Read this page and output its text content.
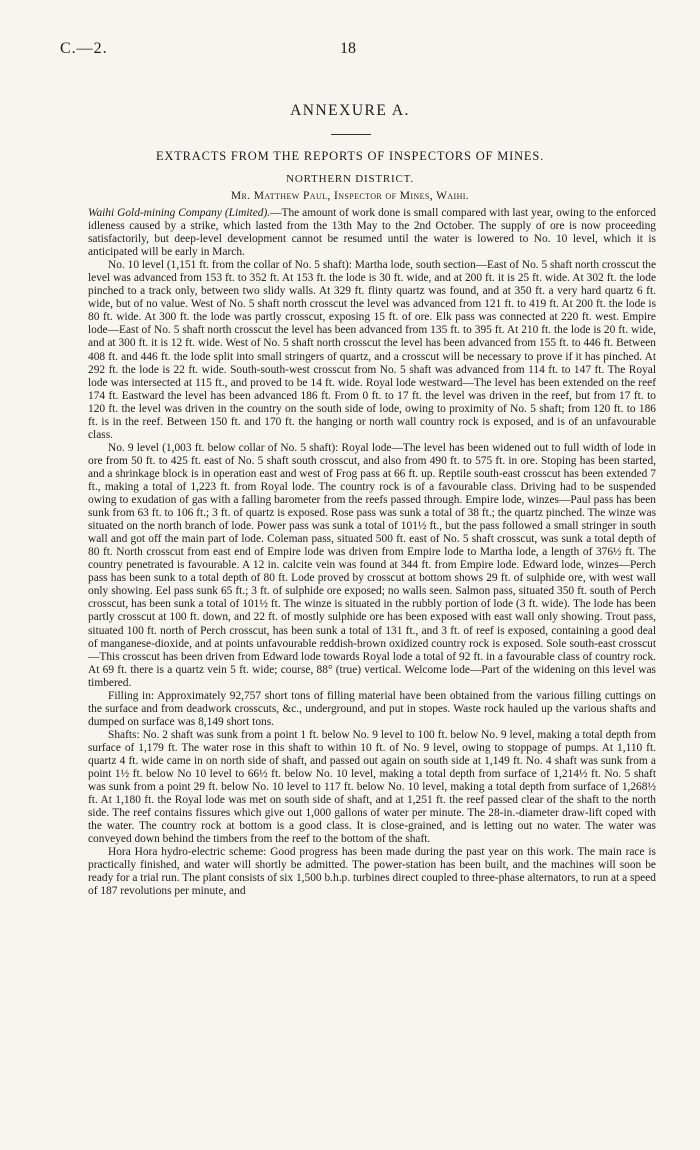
C.—2.	18
ANNEXURE A.
EXTRACTS FROM THE REPORTS OF INSPECTORS OF MINES.
NORTHERN DISTRICT.
Mr. Matthew Paul, Inspector of Mines, Waihi.

Waihi Gold-mining Company (Limited).—The amount of work done is small compared with last year, owing to the enforced idleness caused by a strike, which lasted from the 13th May to the 2nd October. The supply of ore is now proceeding satisfactorily, but deep-level development cannot be resumed until the water is lowered to No. 10 level, which it is anticipated will be early in March.

No. 10 level (1,151 ft. from the collar of No. 5 shaft): Martha lode, south section—East of No. 5 shaft north crosscut the level was advanced from 153 ft. to 352 ft. At 153 ft. the lode is 30 ft. wide, and at 200 ft. it is 25 ft. wide. At 302 ft. the lode pinched to a track only, between two slidy walls. At 329 ft. flinty quartz was found, and at 350 ft. a very hard quartz 6 ft. wide, but of no value. West of No. 5 shaft north crosscut the level was advanced from 121 ft. to 419 ft. At 200 ft. the lode is 80 ft. wide. At 300 ft. the lode was partly crosscut, exposing 15 ft. of ore. Elk pass was connected at 220 ft. west. Empire lode—East of No. 5 shaft north crosscut the level has been advanced from 135 ft. to 395 ft. At 210 ft. the lode is 20 ft. wide, and at 300 ft. it is 12 ft. wide. West of No. 5 shaft north crosscut the level has been advanced from 155 ft. to 446 ft. Between 408 ft. and 446 ft. the lode split into small stringers of quartz, and a crosscut will be necessary to prove if it has pinched. At 292 ft. the lode is 22 ft. wide. South-south-west crosscut from No. 5 shaft was advanced from 114 ft. to 147 ft. The Royal lode was intersected at 115 ft., and proved to be 14 ft. wide. Royal lode westward—The level has been extended on the reef 174 ft. Eastward the level has been advanced 186 ft. From 0 ft. to 17 ft. the level was driven in the reef, but from 17 ft. to 120 ft. the level was driven in the country on the south side of lode, owing to proximity of No. 5 shaft; from 120 ft. to 186 ft. is in the reef. Between 150 ft. and 170 ft. the hanging or north wall country rock is exposed, and is of an unfavourable class.

No. 9 level (1,003 ft. below collar of No. 5 shaft): Royal lode—The level has been widened out to full width of lode in ore from 50 ft. to 425 ft. east of No. 5 shaft south crosscut, and also from 490 ft. to 575 ft. in ore. Stoping has been started, and a shrinkage block is in operation east and west of Frog pass at 66 ft. up. Reptile south-east crosscut has been extended 7 ft., making a total of 1,223 ft. from Royal lode. The country rock is of a favourable class. Driving had to be suspended owing to exudation of gas with a falling barometer from the reefs passed through. Empire lode, winzes—Paul pass has been sunk from 63 ft. to 106 ft.; 3 ft. of quartz is exposed. Rose pass was sunk a total of 38 ft.; the quartz pinched. The winze was situated on the north branch of lode. Power pass was sunk a total of 101½ ft., but the pass followed a small stringer in south wall and got off the main part of lode. Coleman pass, situated 500 ft. east of No. 5 shaft crosscut, was sunk a total depth of 80 ft. North crosscut from east end of Empire lode was driven from Empire lode to Martha lode, a length of 376½ ft. The country penetrated is favourable. A 12 in. calcite vein was found at 344 ft. from Empire lode. Edward lode, winzes—Perch pass has been sunk to a total depth of 80 ft. Lode proved by crosscut at bottom shows 29 ft. of sulphide ore, with west wall only showing. Eel pass sunk 65 ft.; 3 ft. of sulphide ore exposed; no walls seen. Salmon pass, situated 350 ft. south of Perch crosscut, has been sunk a total of 101½ ft. The winze is situated in the rubbly portion of lode (3 ft. wide). The lode has been partly crosscut at 100 ft. down, and 22 ft. of mostly sulphide ore has been exposed with east wall only showing. Trout pass, situated 100 ft. north of Perch crosscut, has been sunk a total of 131 ft., and 3 ft. of reef is exposed, containing a good deal of manganese-dioxide, and at points unfavourable reddish-brown oxidized country rock is exposed. Sole south-east crosscut—This crosscut has been driven from Edward lode towards Royal lode a total of 92 ft. in a favourable class of country rock. At 69 ft. there is a quartz vein 5 ft. wide; course, 88° (true) vertical. Welcome lode—Part of the widening on this level was timbered.

Filling in: Approximately 92,757 short tons of filling material have been obtained from the various filling cuttings on the surface and from deadwork crosscuts, &c., underground, and put in stopes. Waste rock hauled up the various shafts and dumped on surface was 8,149 short tons.

Shafts: No. 2 shaft was sunk from a point 1 ft. below No. 9 level to 100 ft. below No. 9 level, making a total depth from surface of 1,179 ft. The water rose in this shaft to within 10 ft. of No. 9 level, owing to stoppage of pumps. At 1,110 ft. quartz 4 ft. wide came in on north side of shaft, and passed out again on south side at 1,149 ft. No. 4 shaft was sunk from a point 1½ ft. below No 10 level to 66½ ft. below No. 10 level, making a total depth from surface of 1,214½ ft. No. 5 shaft was sunk from a point 29 ft. below No. 10 level to 117 ft. below No. 10 level, making a total depth from surface of 1,268½ ft. At 1,180 ft. the Royal lode was met on south side of shaft, and at 1,251 ft. the reef passed clear of the shaft to the north side. The reef contains fissures which give out 1,000 gallons of water per minute. The 28-in.-diameter draw-lift coped with the water. The country rock at bottom is a good class. It is close-grained, and is letting out no water. The water was conveyed down behind the timbers from the reef to the bottom of the shaft.

Hora Hora hydro-electric scheme: Good progress has been made during the past year on this work. The main race is practically finished, and water will shortly be admitted. The power-station has been built, and the machines will soon be ready for a trial run. The plant consists of six 1,500 b.h.p. turbines direct coupled to three-phase alternators, to run at a speed of 187 revolutions per minute, and
